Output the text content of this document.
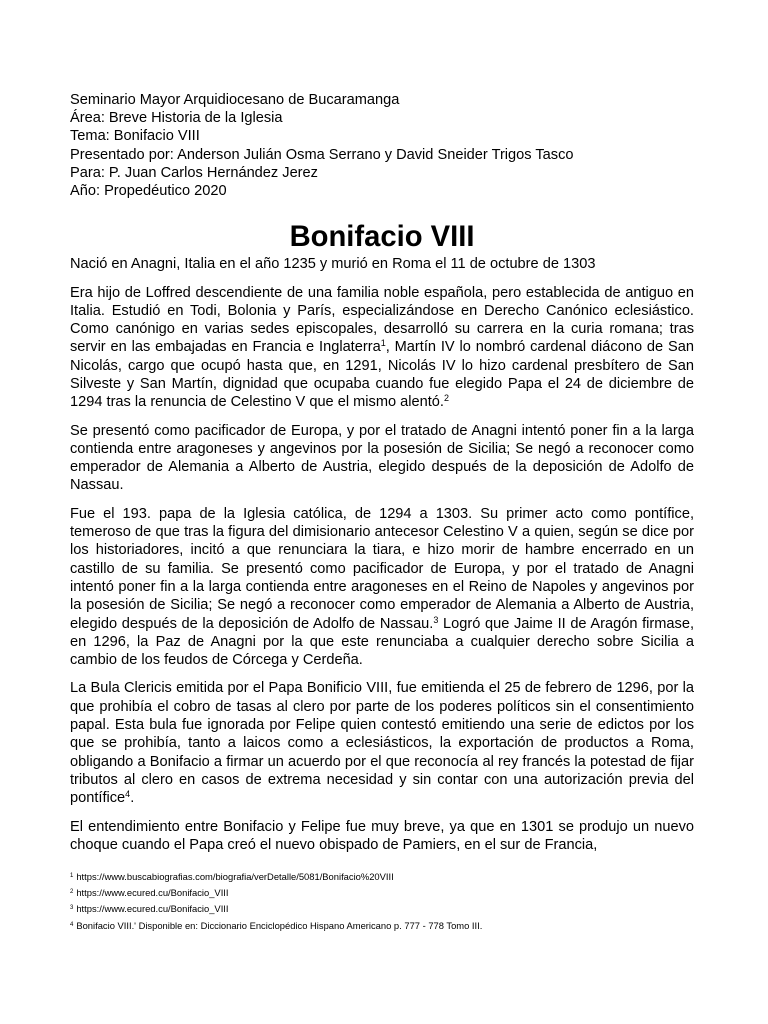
Seminario Mayor Arquidiocesano de Bucaramanga

Área: Breve Historia de la Iglesia

Tema: Bonifacio VIII

Presentado por: Anderson Julián Osma Serrano y David Sneider Trigos Tasco

Para: P. Juan Carlos Hernández Jerez

Año: Propedéutico 2020

Bonifacio VIII

Nació en Anagni, Italia en el año 1235 y murió en Roma el 11 de octubre de 1303

Era hijo de Loffred descendiente de una familia noble española, pero establecida de antiguo en Italia. Estudió en Todi, Bolonia y París, especializándose en Derecho Canónico eclesiástico. Como canónigo en varias sedes episcopales, desarrolló su carrera en la curia romana; tras servir en las embajadas en Francia e Inglaterra$^1$, Martín IV lo nombró cardenal diácono de San Nicolás, cargo que ocupó hasta que, en 1291, Nicolás IV lo hizo cardenal presbítero de San Silveste y San Martín, dignidad que ocupaba cuando fue elegido Papa el 24 de diciembre de 1294 tras la renuncia de Celestino V que el mismo alentó.$^2$

Se presentó como pacificador de Europa, y por el tratado de Anagni intentó poner fin a la larga contienda entre aragoneses y angevinos por la posesión de Sicilia; Se negó a reconocer como emperador de Alemania a Alberto de Austria, elegido después de la deposición de Adolfo de Nassau.

Fue el 193. papa de la Iglesia católica, de 1294 a 1303. Su primer acto como pontífice, temeroso de que tras la figura del dimisionario antecesor Celestino V a quien, según se dice por los historiadores, incitó a que renunciara la tiara, e hizo morir de hambre encerrado en un castillo de su familia. Se presentó como pacificador de Europa, y por el tratado de Anagni intentó poner fin a la larga contienda entre aragoneses en el Reino de Napoles y angevinos por la posesión de Sicilia; Se negó a reconocer como emperador de Alemania a Alberto de Austria, elegido después de la deposición de Adolfo de Nassau.$^3$ Logró que Jaime II de Aragón firmase, en 1296, la Paz de Anagni por la que este renunciaba a cualquier derecho sobre Sicilia a cambio de los feudos de Córcega y Cerdeña.

La Bula Clericis emitida por el Papa Bonificio VIII, fue emitienda el 25 de febrero de 1296, por la que prohibía el cobro de tasas al clero por parte de los poderes políticos sin el consentimiento papal. Esta bula fue ignorada por Felipe quien contestó emitiendo una serie de edictos por los que se prohibía, tanto a laicos como a eclesiásticos, la exportación de productos a Roma, obligando a Bonifacio a firmar un acuerdo por el que reconocía al rey francés la potestad de fijar tributos al clero en casos de extrema necesidad y sin contar con una autorización previa del pontífice$^4$.

El entendimiento entre Bonifacio y Felipe fue muy breve, ya que en 1301 se produjo un nuevo choque cuando el Papa creó el nuevo obispado de Pamiers, en el sur de Francia,

$^1$ https://www.buscabiografias.com/biografia/verDetalle/5081/Bonifacio%20VIII

$^2$ https://www.ecured.cu/Bonifacio_VIII

$^3$ https://www.ecured.cu/Bonifacio_VIII

$^4$ Bonifacio VIII.' Disponible en: Diccionario Enciclopédico Hispano Americano p. 777 - 778 Tomo III.
